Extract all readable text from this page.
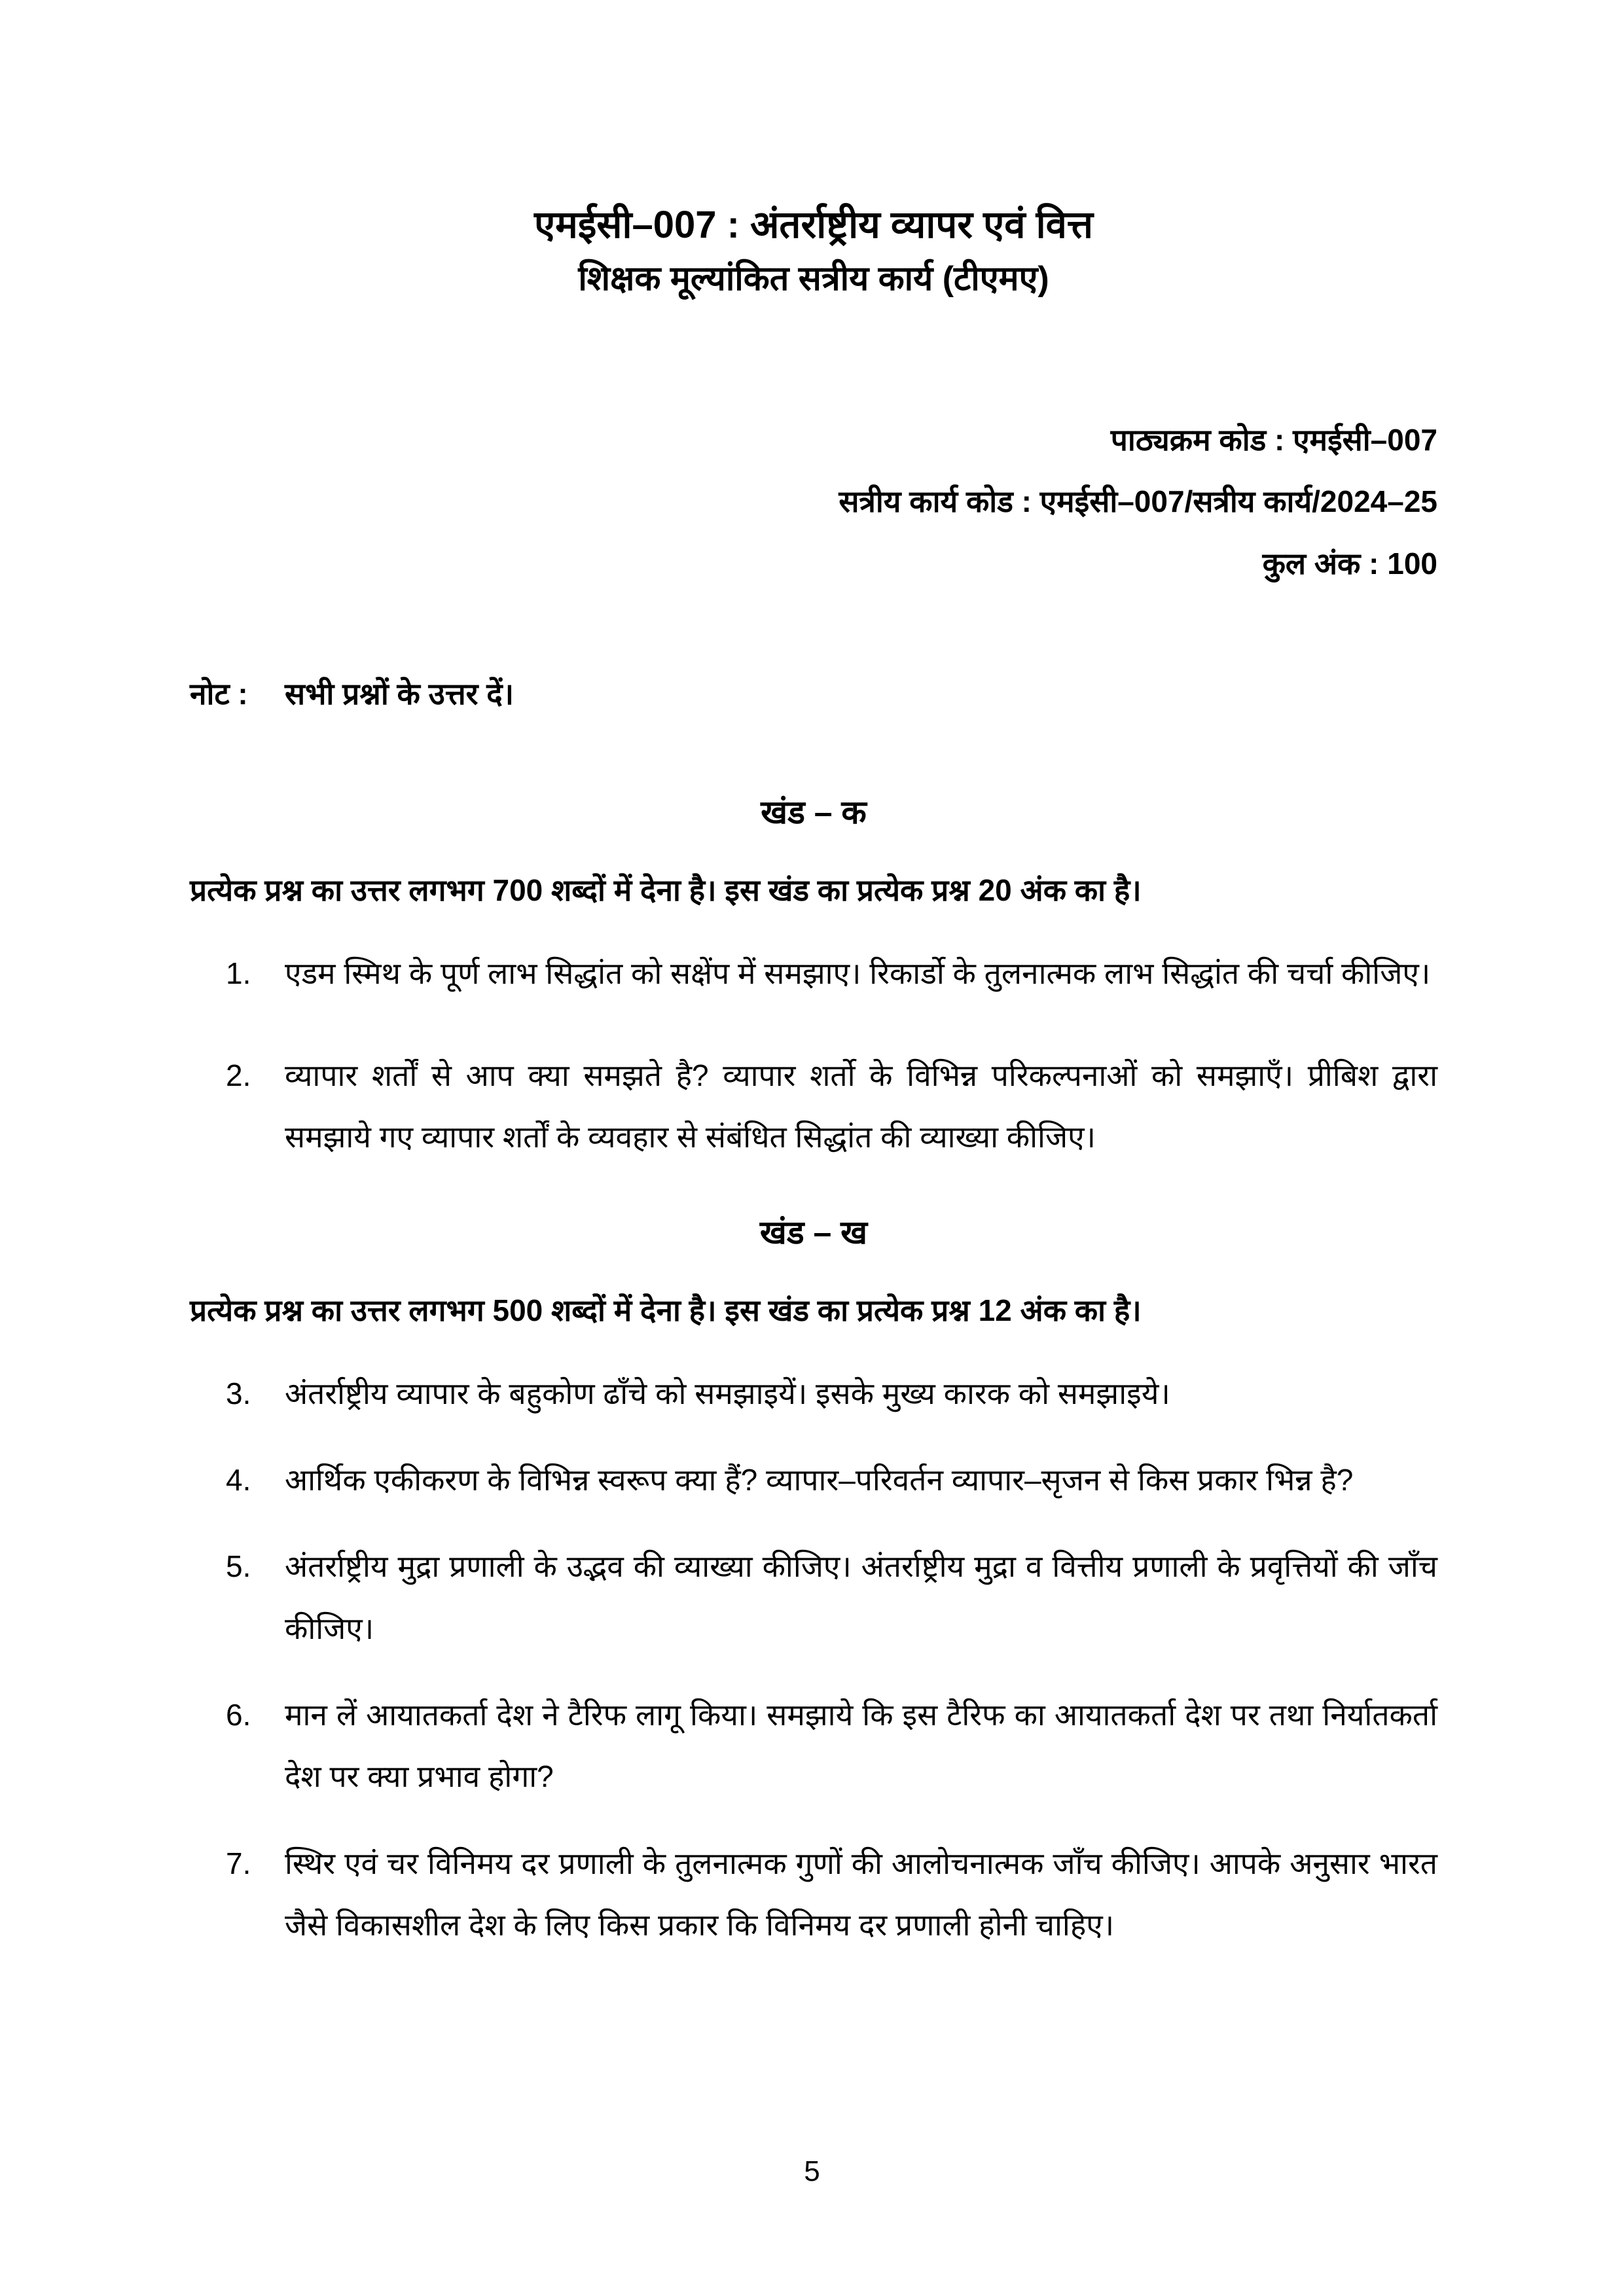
एमईसी–007 : अंतर्राष्ट्रीय व्यापर एवं वित्त
शिक्षक मूल्यांकित सत्रीय कार्य (टीएमए)
पाठ्यक्रम कोड : एमईसी–007
सत्रीय कार्य कोड : एमईसी–007/सत्रीय कार्य/2024–25
कुल अंक : 100
नोट :	सभी प्रश्नों के उत्तर दें।
खंड – क
प्रत्येक प्रश्न का उत्तर लगभग 700 शब्दों में देना है। इस खंड का प्रत्येक प्रश्न 20 अंक का है।
1.	एडम स्मिथ के पूर्ण लाभ सिद्धांत को सक्षेंप में समझाए। रिकार्डो के तुलनात्मक लाभ सिद्धांत की चर्चा कीजिए।
2.	व्यापार शर्तों से आप क्या समझते है? व्यापार शर्तो के विभिन्न परिकल्पनाओं को समझाएँ। प्रीबिश द्वारा समझाये गए व्यापार शर्तों के व्यवहार से संबंधित सिद्धांत की व्याख्या कीजिए।
खंड – ख
प्रत्येक प्रश्न का उत्तर लगभग 500 शब्दों में देना है। इस खंड का प्रत्येक प्रश्न 12 अंक का है।
3.	अंतर्राष्ट्रीय व्यापार के बहुकोण ढाँचे को समझाइयें। इसके मुख्य कारक को समझाइये।
4.	आर्थिक एकीकरण के विभिन्न स्वरूप क्या हैं? व्यापार–परिवर्तन व्यापार–सृजन से किस प्रकार भिन्न है?
5.	अंतर्राष्ट्रीय मुद्रा प्रणाली के उद्भव की व्याख्या कीजिए। अंतर्राष्ट्रीय मुद्रा व वित्तीय प्रणाली के प्रवृत्तियों की जाँच कीजिए।
6.	मान लें आयातकर्ता देश ने टैरिफ लागू किया। समझाये कि इस टैरिफ का आयातकर्ता देश पर तथा निर्यातकर्ता देश पर क्या प्रभाव होगा?
7.	स्थिर एवं चर विनिमय दर प्रणाली के तुलनात्मक गुणों की आलोचनात्मक जाँच कीजिए। आपके अनुसार भारत जैसे विकासशील देश के लिए किस प्रकार कि विनिमय दर प्रणाली होनी चाहिए।
5
